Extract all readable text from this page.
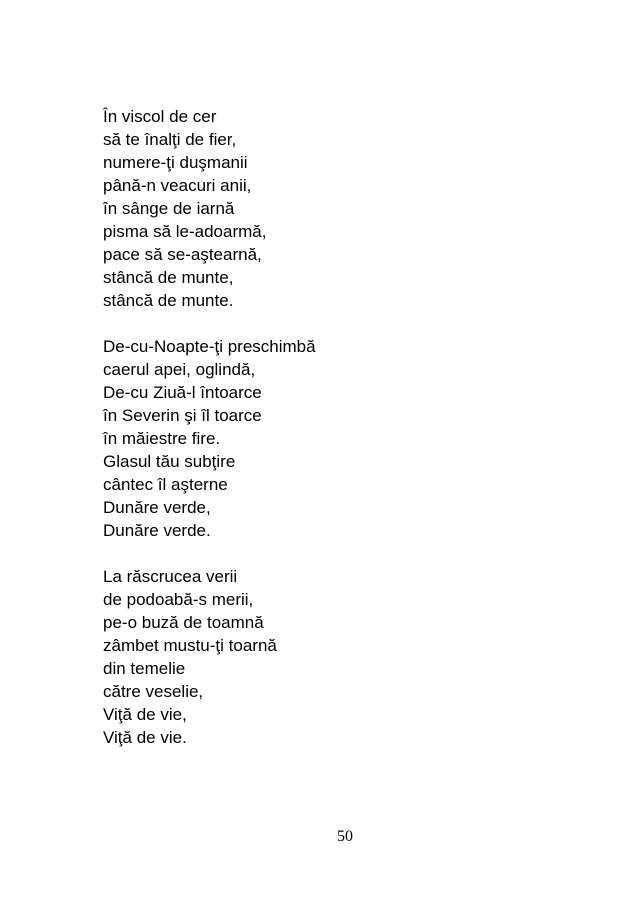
În viscol de cer
să te înalţi de fier,
numere-ţi duşmanii
până-n veacuri anii,
în sânge de iarnă
pisma să le-adoarmă,
pace să se-aştearnă,
stâncă de munte,
stâncă de munte.
De-cu-Noapte-ţi preschimbă
caerul apei, oglindă,
De-cu Ziuă-l întoarce
în Severin şi îl toarce
în măiestre fire.
Glasul tău subţire
cântec îl aşterne
Dunăre verde,
Dunăre verde.
La răscrucea verii
de podoabă-s merii,
pe-o buză de toamnă
zâmbet mustu-ţi toarnă
din temelie
către veselie,
Viţă de vie,
Viţă de vie.
50
